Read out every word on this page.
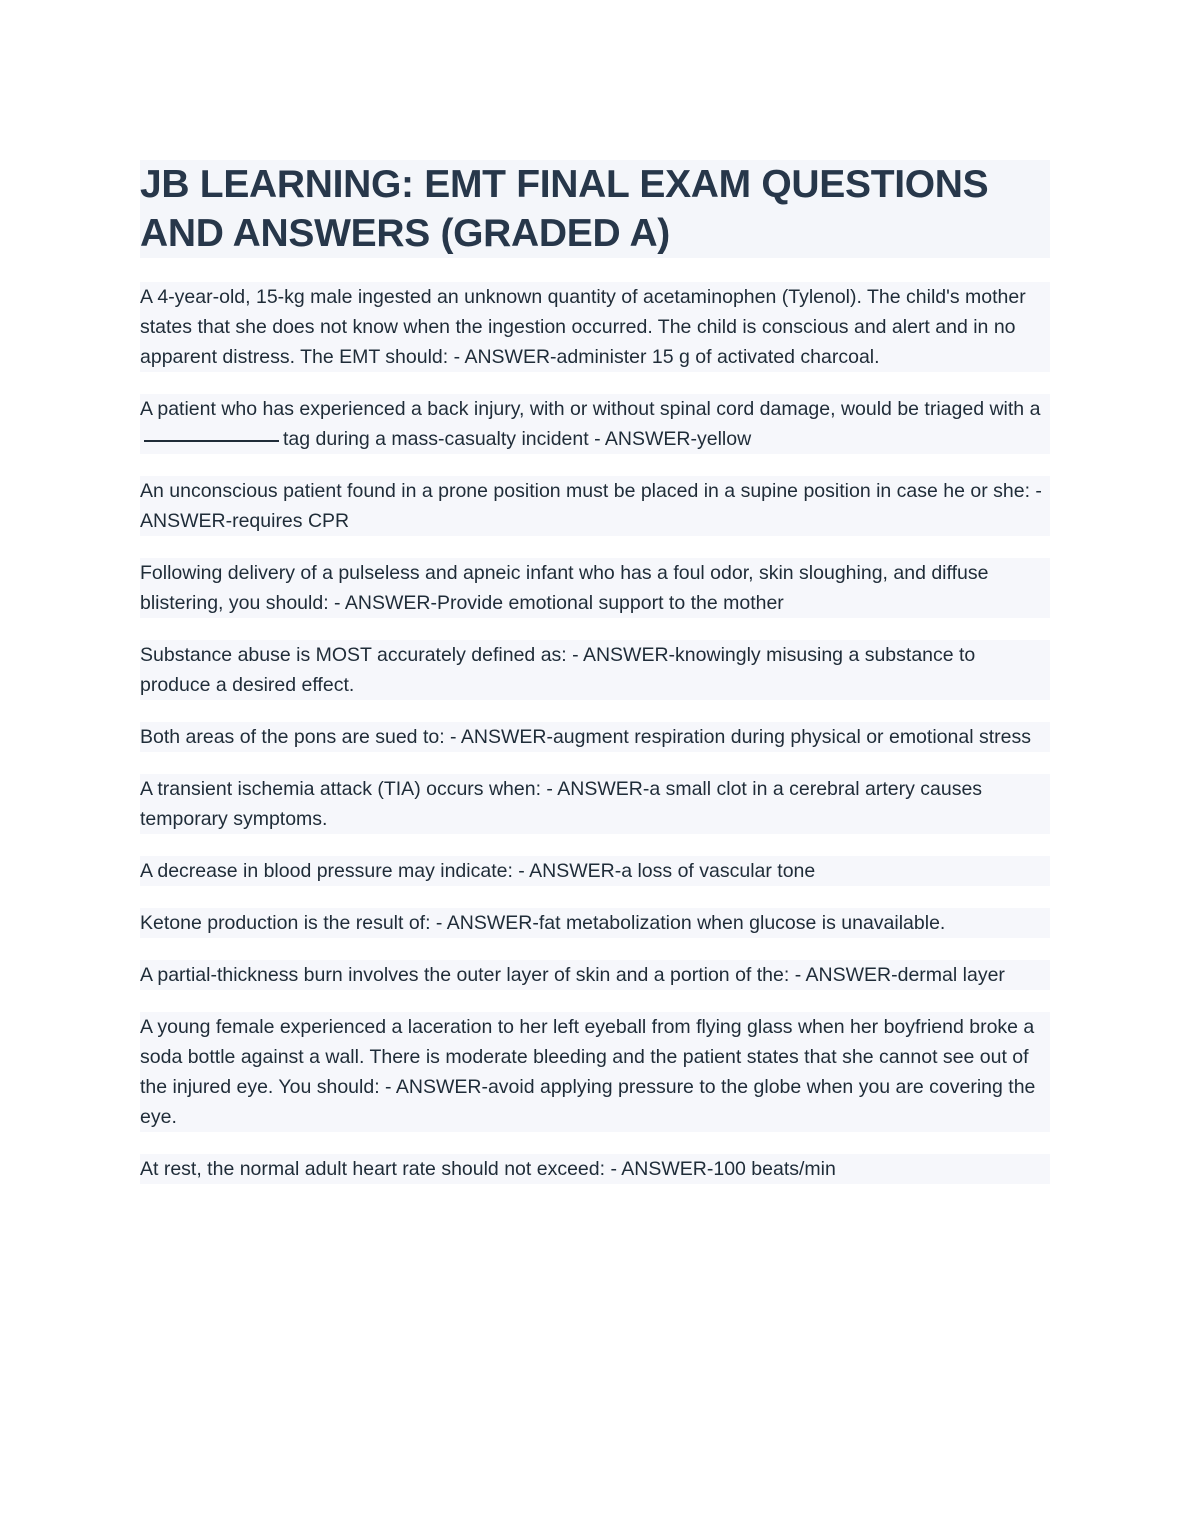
JB LEARNING: EMT FINAL EXAM QUESTIONS AND ANSWERS (GRADED A)

A 4-year-old, 15-kg male ingested an unknown quantity of acetaminophen (Tylenol). The child's mother states that she does not know when the ingestion occurred. The child is conscious and alert and in no apparent distress. The EMT should: - ANSWER-administer 15 g of activated charcoal.

A patient who has experienced a back injury, with or without spinal cord damage, would be triaged with atag during a mass-casualty incident - ANSWER-yellow

An unconscious patient found in a prone position must be placed in a supine position in case he or she: - ANSWER-requires CPR

Following delivery of a pulseless and apneic infant who has a foul odor, skin sloughing, and diffuse blistering, you should: - ANSWER-Provide emotional support to the mother

Substance abuse is MOST accurately defined as: - ANSWER-knowingly misusing a substance to produce a desired effect.

Both areas of the pons are sued to: - ANSWER-augment respiration during physical or emotional stress

A transient ischemia attack (TIA) occurs when: - ANSWER-a small clot in a cerebral artery causes temporary symptoms.

A decrease in blood pressure may indicate: - ANSWER-a loss of vascular tone

Ketone production is the result of: - ANSWER-fat metabolization when glucose is unavailable.

A partial-thickness burn involves the outer layer of skin and a portion of the: - ANSWER-dermal layer

A young female experienced a laceration to her left eyeball from flying glass when her boyfriend broke a soda bottle against a wall. There is moderate bleeding and the patient states that she cannot see out of the injured eye. You should: - ANSWER-avoid applying pressure to the globe when you are covering the eye.

At rest, the normal adult heart rate should not exceed: - ANSWER-100 beats/min
